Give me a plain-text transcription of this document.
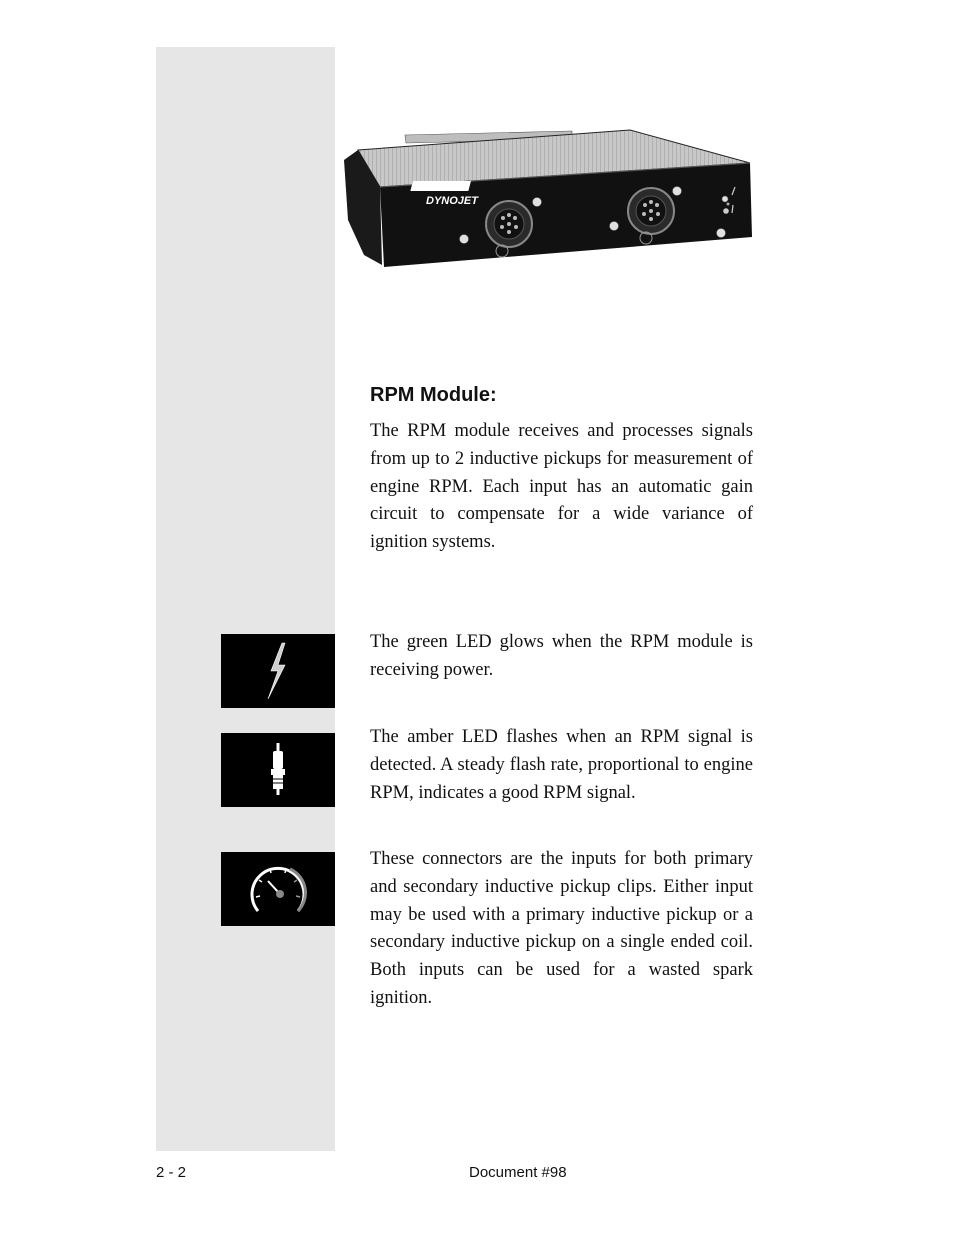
DYNOJET
RPM Module:
The RPM module receives and processes signals from up to 2 inductive pickups for measurement of engine RPM. Each input has an automatic gain circuit to compensate for a wide variance of ignition systems.
The green LED glows when the RPM module is receiving power.
The amber LED flashes when an RPM signal is detected. A steady flash rate, proportional to engine RPM, indicates a good RPM signal.
These connectors are the inputs for both primary and secondary inductive pickup clips. Either input may be used with a primary inductive pickup or a secondary inductive pickup on a single ended coil. Both inputs can be used for a wasted spark ignition.
2 - 2	Document #98
